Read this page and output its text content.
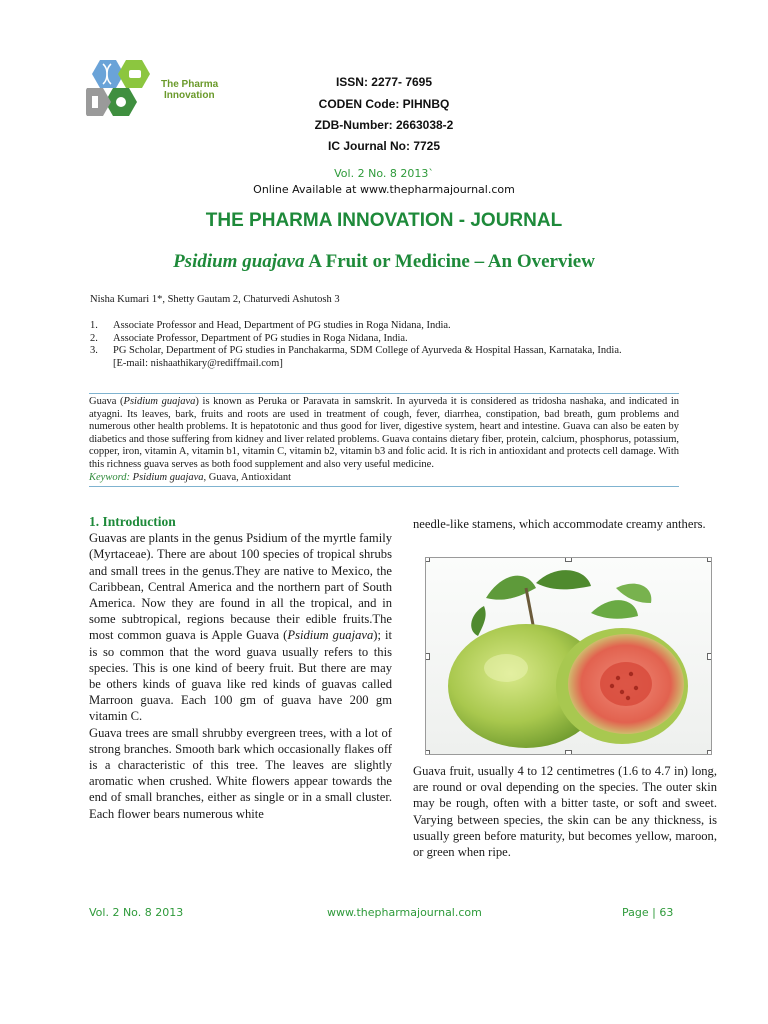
The Pharma
Innovation
ISSN: 2277- 7695
CODEN Code: PIHNBQ
ZDB-Number: 2663038-2
IC Journal No: 7725
Vol. 2 No. 8 2013`
Online Available at www.thepharmajournal.com
THE PHARMA INNOVATION - JOURNAL
Psidium guajava A Fruit or Medicine – An Overview
Nisha Kumari 1*, Shetty Gautam 2, Chaturvedi Ashutosh 3
1.	Associate Professor and Head, Department of PG studies in Roga Nidana, India.
2.	Associate Professor, Department of PG studies in Roga Nidana, India.
3.	PG Scholar, Department of PG studies in Panchakarma, SDM College of Ayurveda & Hospital Hassan, Karnataka, India.
[E-mail: nishaathikary@rediffmail.com]
Guava (Psidium guajava) is known as Peruka or Paravata in samskrit. In ayurveda it is considered as tridosha nashaka, and indicated in atyagni. Its leaves, bark, fruits and roots are used in treatment of cough, fever, diarrhea, constipation, bad breath, gum problems and numerous other health problems. It is hepatotonic and thus good for liver, digestive system, heart and intestine. Guava can also be eaten by diabetics and those suffering from kidney and liver related problems. Guava contains dietary fiber, protein, calcium, phosphorus, potassium, copper, iron, vitamin A, vitamin b1, vitamin C, vitamin b2, vitamin b3 and folic acid. It is rich in antioxidant and protects cell damage. With this richness guava serves as both food supplement and also very useful medicine.
Keyword: Psidium guajava, Guava, Antioxidant
1. Introduction

Guavas are plants in the genus Psidium of the myrtle family (Myrtaceae). There are about 100 species of tropical shrubs and small trees in the genus.They are native to Mexico, the Caribbean, Central America and the northern part of South America. Now they are found in all the tropical, and in some subtropical, regions because their edible fruits.The most common guava is Apple Guava (Psidium guajava); it is so common that the word guava usually refers to this species. This is one kind of beery fruit. But there are may be others kinds of guava like red kinds of guavas called Marroon guava. Each 100 gm of guava have 200 gm vitamin C.

Guava trees are small shrubby evergreen trees, with a lot of strong branches. Smooth bark which occasionally flakes off is a characteristic of this tree. The leaves are slightly aromatic when crushed. White flowers appear towards the end of small branches, either as single or in a small cluster. Each flower bears numerous white

needle-like stamens, which accommodate creamy anthers.

Guava fruit, usually 4 to 12 centimetres (1.6 to 4.7 in) long, are round or oval depending on the species. The outer skin may be rough, often with a bitter taste, or soft and sweet. Varying between species, the skin can be any thickness, is usually green before maturity, but becomes yellow, maroon, or green when ripe.

Vol. 2 No. 8 2013	www.thepharmajournal.com	Page | 63
